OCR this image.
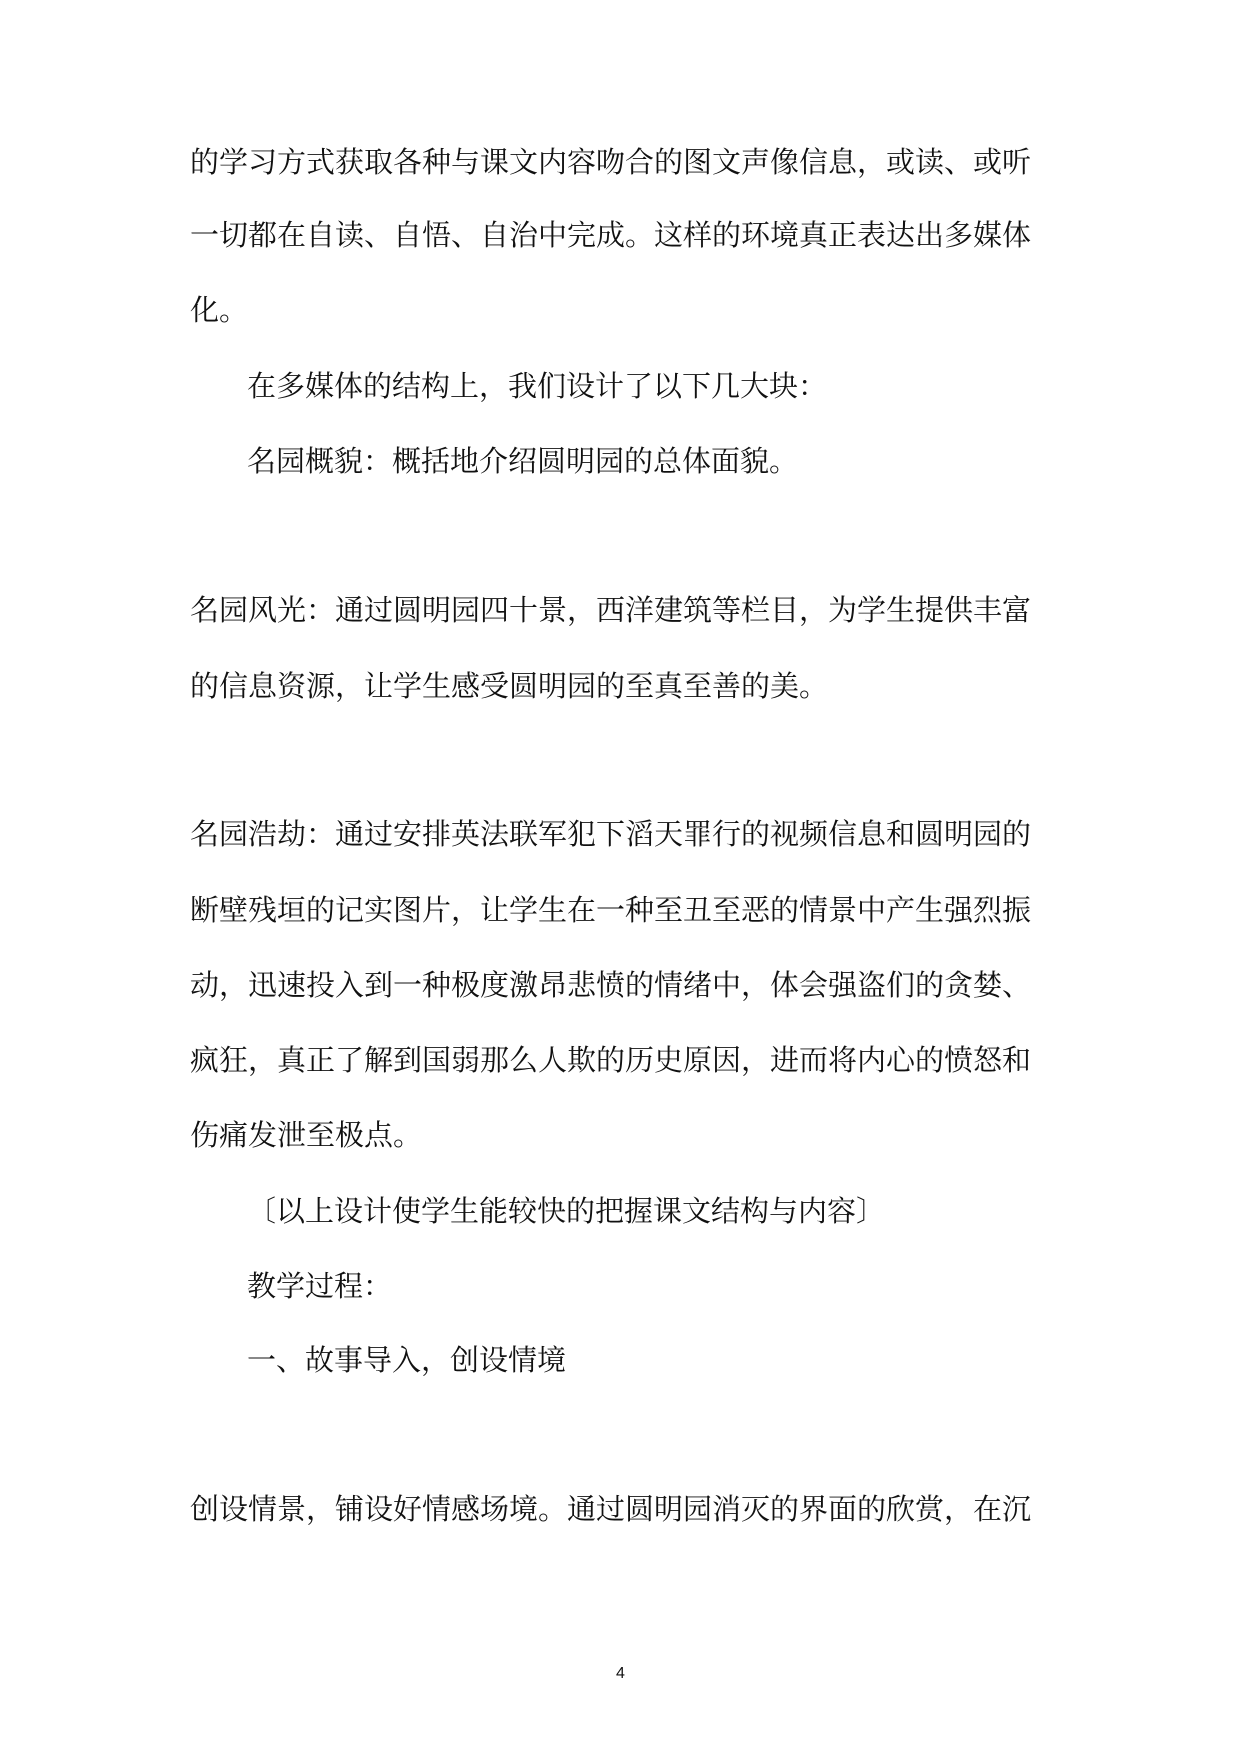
的学习方式获取各种与课文内容吻合的图文声像信息，或读、或听
一切都在自读、自悟、自治中完成。这样的环境真正表达出多媒体
化。
在多媒体的结构上，我们设计了以下几大块：
名园概貌：概括地介绍圆明园的总体面貌。
名园风光：通过圆明园四十景，西洋建筑等栏目，为学生提供丰富
的信息资源，让学生感受圆明园的至真至善的美。
名园浩劫：通过安排英法联军犯下滔天罪行的视频信息和圆明园的
断壁残垣的记实图片，让学生在一种至丑至恶的情景中产生强烈振
动，迅速投入到一种极度激昂悲愤的情绪中，体会强盗们的贪婪、
疯狂，真正了解到国弱那么人欺的历史原因，进而将内心的愤怒和
伤痛发泄至极点。
〔以上设计使学生能较快的把握课文结构与内容〕
教学过程：
一、故事导入，创设情境
创设情景，铺设好情感场境。通过圆明园消灭的界面的欣赏，在沉
4
